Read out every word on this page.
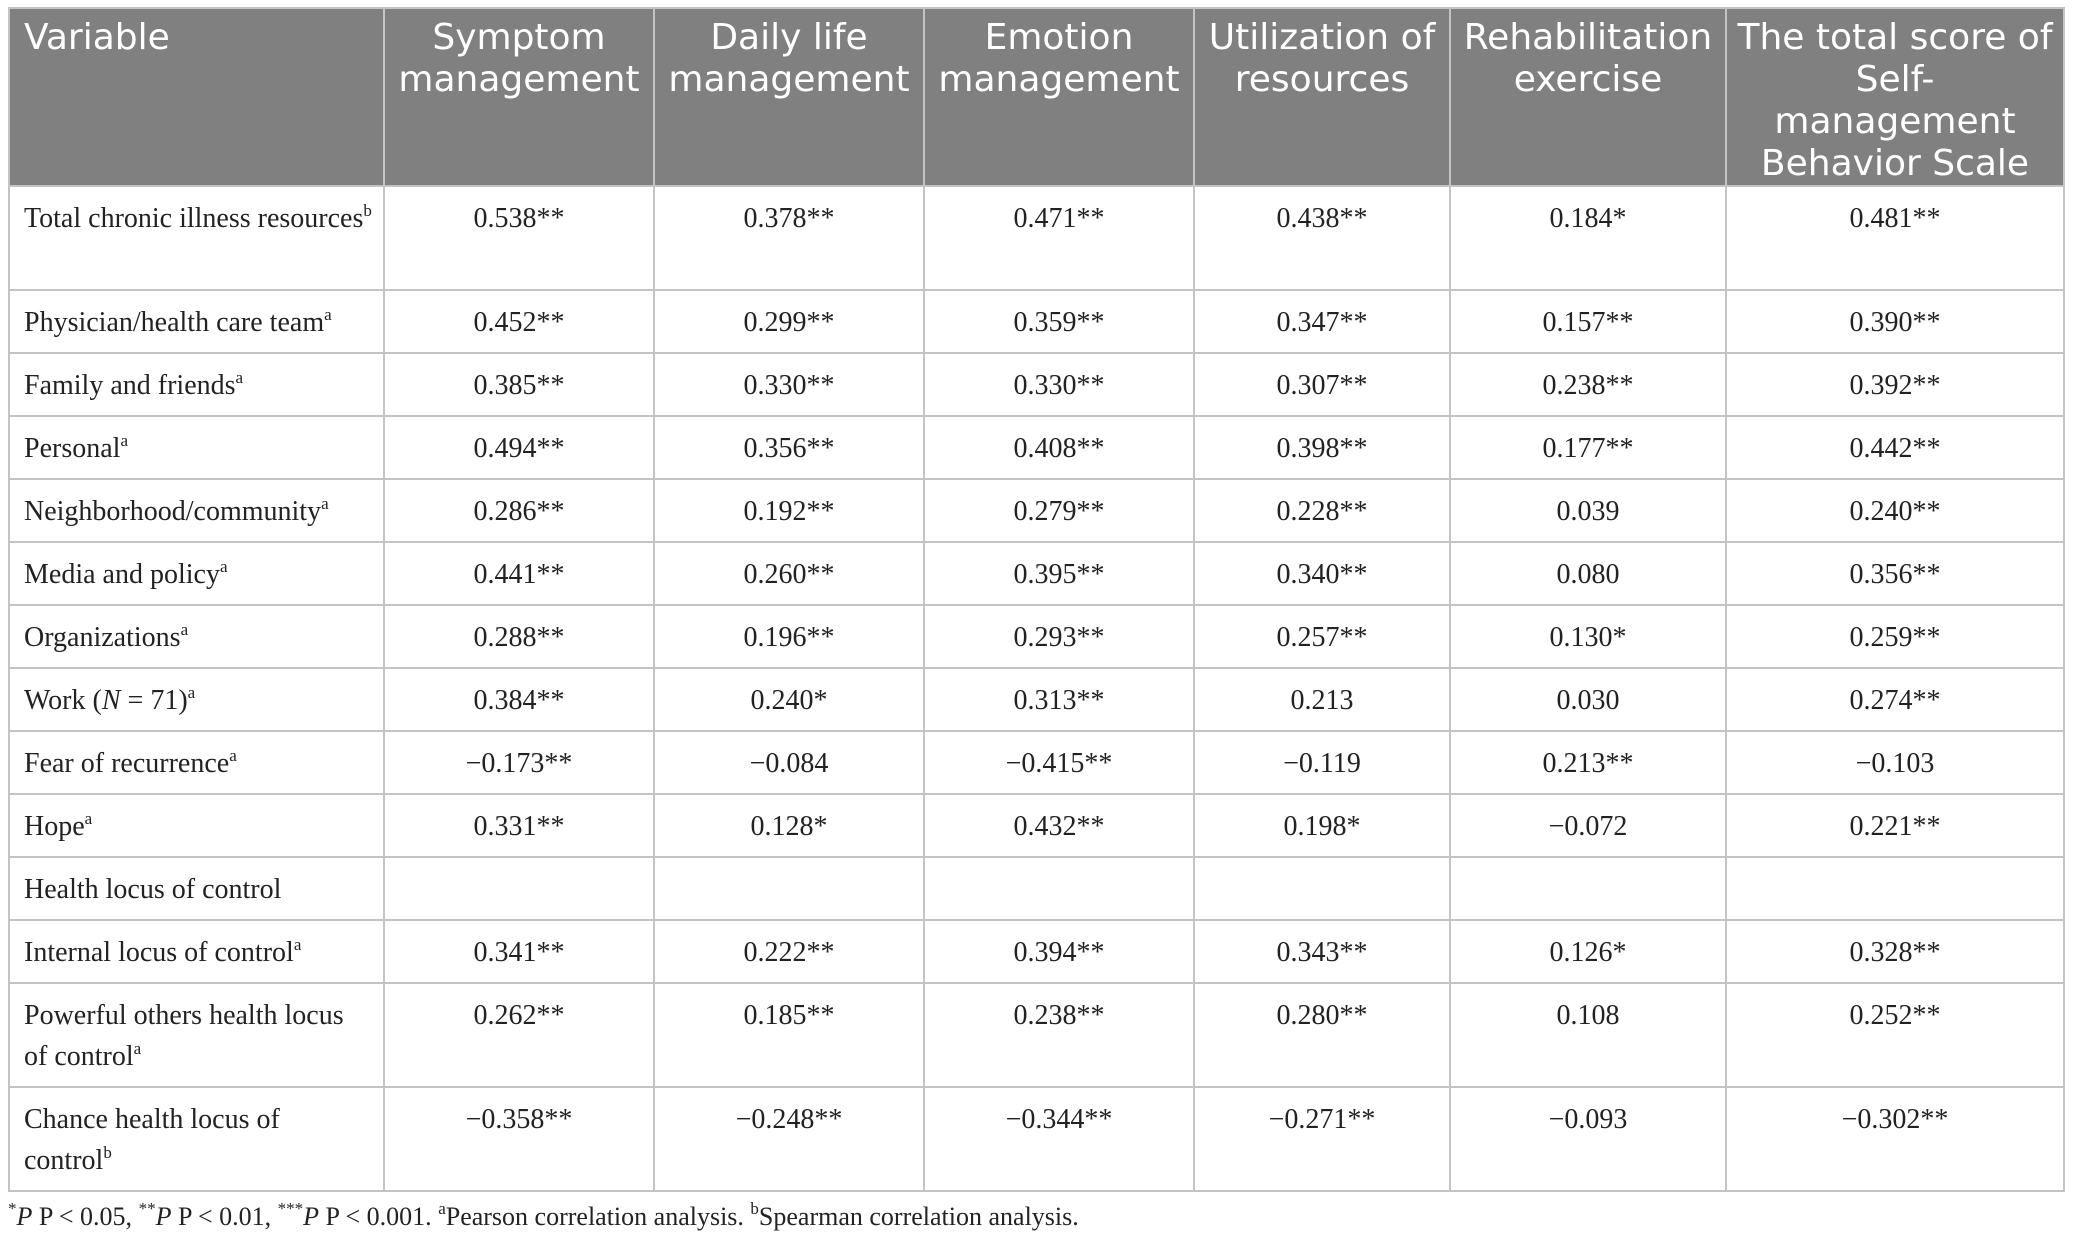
Variable	Symptom management	Daily life management	Emotion management	Utilization of resources	Rehabilitation exercise	The total score of Self-management Behavior Scale
Total chronic illness resources$^b$	0.538**	0.378**	0.471**	0.438**	0.184*	0.481**
Physician/health care team$^a$	0.452**	0.299**	0.359**	0.347**	0.157**	0.390**
Family and friends$^a$	0.385**	0.330**	0.330**	0.307**	0.238**	0.392**
Personal$^a$	0.494**	0.356**	0.408**	0.398**	0.177**	0.442**
Neighborhood/community$^a$	0.286**	0.192**	0.279**	0.228**	0.039	0.240**
Media and policy$^a$	0.441**	0.260**	0.395**	0.340**	0.080	0.356**
Organizations$^a$	0.288**	0.196**	0.293**	0.257**	0.130*	0.259**
Work (N = 71)$^a$	0.384**	0.240*	0.313**	0.213	0.030	0.274**
Fear of recurrence$^a$	−0.173**	−0.084	−0.415**	−0.119	0.213**	−0.103
Hope$^a$	0.331**	0.128*	0.432**	0.198*	−0.072	0.221**
Health locus of control						
Internal locus of control$^a$	0.341**	0.222**	0.394**	0.343**	0.126*	0.328**
Powerful others health locus of control$^a$	0.262**	0.185**	0.238**	0.280**	0.108	0.252**
Chance health locus of control$^b$	−0.358**	−0.248**	−0.344**	−0.271**	−0.093	−0.302**
*P P < 0.05, **P P < 0.01, ***P P < 0.001. $^a$Pearson correlation analysis. $^b$Spearman correlation analysis.
